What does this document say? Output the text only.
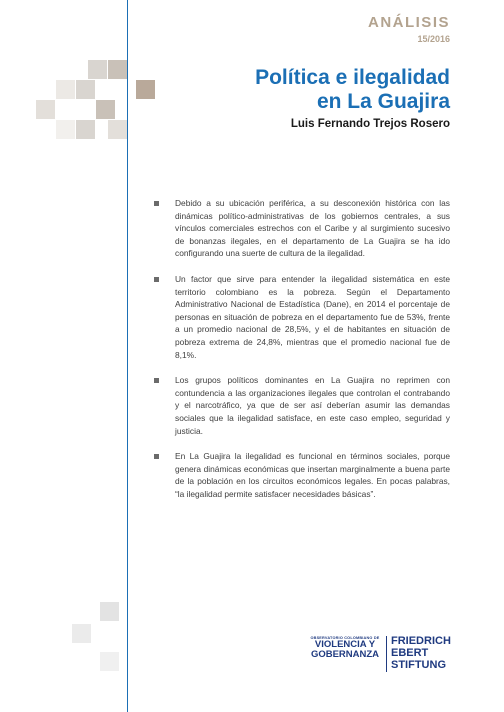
ANÁLISIS
15/2016
Política e ilegalidad
en La Guajira
Luis Fernando Trejos Rosero
Debido a su ubicación periférica, a su desconexión histórica con las dinámicas político-administrativas de los gobiernos centrales, a sus vínculos comerciales estrechos con el Caribe y al surgimiento sucesivo de bonanzas ilegales, en el departamento de La Guajira se ha ido configurando una suerte de cultura de la ilegalidad.
Un factor que sirve para entender la ilegalidad sistemática en este territorio colombiano es la pobreza. Según el Departamento Administrativo Nacional de Estadística (Dane), en 2014 el porcentaje de personas en situación de pobreza en el departamento fue de 53%, frente a un promedio nacional de 28,5%, y el de habitantes en situación de pobreza extrema de 24,8%, mientras que el promedio nacional fue de 8,1%.
Los grupos políticos dominantes en La Guajira no reprimen con contundencia a las organizaciones ilegales que controlan el contrabando y el narcotráfico, ya que de ser así deberían asumir las demandas sociales que la ilegalidad satisface, en este caso empleo, seguridad y justicia.
En La Guajira la ilegalidad es funcional en términos sociales, porque genera dinámicas económicas que insertan marginalmente a buena parte de la población en los circuitos económicos legales. En pocas palabras, “la ilegalidad permite satisfacer necesidades básicas”.
OBSERVATORIO COLOMBIANO DE
VIOLENCIA Y
GOBERNANZA
FRIEDRICH
EBERT
STIFTUNG
